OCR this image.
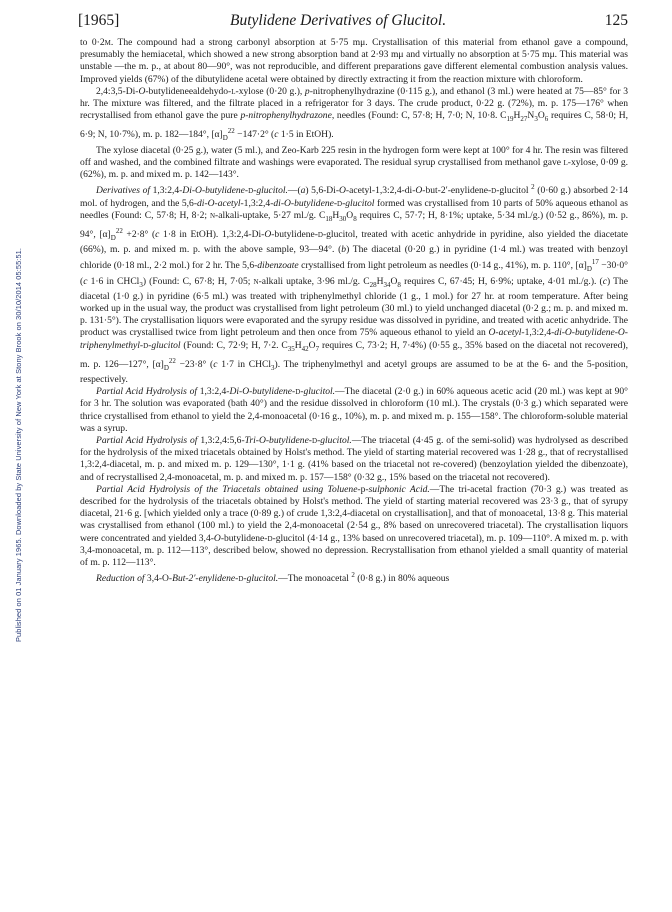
Published on 01 January 1965. Downloaded by State University of New York at Stony Brook on 30/10/2014 05:55:51.
[1965]	Butylidene Derivatives of Glucitol.	125

to 0·2m. The compound had a strong carbonyl absorption at 5·75 mμ. Crystallisation of this material from ethanol gave a compound, presumably the hemiacetal, which showed a new strong absorption band at 2·93 mμ and virtually no absorption at 5·75 mμ. This material was unstable —the m. p., at about 80—90°, was not reproducible, and different preparations gave different elemental combustion analysis values. Improved yields (67%) of the dibutylidene acetal were obtained by directly extracting it from the reaction mixture with chloroform.

2,4:3,5-Di-O-butylideneealdehydo-l-xylose (0·20 g.), p-nitrophenylhydrazine (0·115 g.), and ethanol (3 ml.) were heated at 75—85° for 3 hr. The mixture was filtered, and the filtrate placed in a refrigerator for 3 days. The crude product, 0·22 g. (72%), m. p. 175—176° when recrystallised from ethanol gave the pure p-nitrophenylhydrazone, needles (Found: C, 57·8; H, 7·0; N, 10·8. $C_{19}H_{27}N_3O_6$ requires C, 58·0; H, 6·9; N, 10·7%), m. p. 182—184°, $[\alpha]_D^{22} -147\cdot 2^\circ$ (c 1·5 in EtOH).

The xylose diacetal (0·25 g.), water (5 ml.), and Zeo-Karb 225 resin in the hydrogen form were kept at 100° for 4 hr. The resin was filtered off and washed, and the combined filtrate and washings were evaporated. The residual syrup crystallised from methanol gave l-xylose, 0·09 g. (62%), m. p. and mixed m. p. 142—143°.

Derivatives of 1,3:2,4-Di-O-butylidene-d-glucitol.—(a) 5,6-Di-O-acetyl-1,3:2,4-di-O-but-2′-enylidene-d-glucitol $^2$ (0·60 g.) absorbed 2·14 mol. of hydrogen, and the 5,6-di-O-acetyl-1,3:2,4-di-O-butylidene-d-glucitol formed was crystallised from 10 parts of 50% aqueous ethanol as needles (Found: C, 57·8; H, 8·2; n-alkali-uptake, 5·27 ml./g. $C_{18}H_{30}O_8$ requires C, 57·7; H, 8·1%; uptake, 5·34 ml./g.) (0·52 g., 86%), m. p. 94°, $[\alpha]_D^{22} +2\cdot 8^\circ$ (c 1·8 in EtOH). 1,3:2,4-Di-O-butylidene-d-glucitol, treated with acetic anhydride in pyridine, also yielded the diacetate (66%), m. p. and mixed m. p. with the above sample, 93—94°. (b) The diacetal (0·20 g.) in pyridine (1·4 ml.) was treated with benzoyl chloride (0·18 ml., 2·2 mol.) for 2 hr. The 5,6-dibenzoate crystallised from light petroleum as needles (0·14 g., 41%), m. p. 110°, $[\alpha]_D^{17} -30\cdot 0^\circ$ (c 1·6 in CHCl$_3$) (Found: C, 67·8; H, 7·05; n-alkali uptake, 3·96 ml./g. $C_{28}H_{34}O_8$ requires C, 67·45; H, 6·9%; uptake, 4·01 ml./g.). (c) The diacetal (1·0 g.) in pyridine (6·5 ml.) was treated with triphenylmethyl chloride (1 g., 1 mol.) for 27 hr. at room temperature. After being worked up in the usual way, the product was crystallised from light petroleum (30 ml.) to yield unchanged diacetal (0·2 g.; m. p. and mixed m. p. 131·5°). The crystallisation liquors were evaporated and the syrupy residue was dissolved in pyridine, and treated with acetic anhydride. The product was crystallised twice from light petroleum and then once from 75% aqueous ethanol to yield an O-acetyl-1,3:2,4-di-O-butylidene-O-triphenylmethyl-d-glucitol (Found: C, 72·9; H, 7·2. $C_{35}H_{42}O_7$ requires C, 73·2; H, 7·4%) (0·55 g., 35% based on the diacetal not recovered), m. p. 126—127°, $[\alpha]_D^{22} -23\cdot 8^\circ$ (c 1·7 in CHCl$_3$). The triphenylmethyl and acetyl groups are assumed to be at the 6- and the 5-position, respectively.

Partial Acid Hydrolysis of 1,3:2,4-Di-O-butylidene-d-glucitol.—The diacetal (2·0 g.) in 60% aqueous acetic acid (20 ml.) was kept at 90° for 3 hr. The solution was evaporated (bath 40°) and the residue dissolved in chloroform (10 ml.). The crystals (0·3 g.) which separated were thrice crystallised from ethanol to yield the 2,4-monoacetal (0·16 g., 10%), m. p. and mixed m. p. 155—158°. The chloroform-soluble material was a syrup.

Partial Acid Hydrolysis of 1,3:2,4:5,6-Tri-O-butylidene-d-glucitol.—The triacetal (4·45 g. of the semi-solid) was hydrolysed as described for the hydrolysis of the mixed triacetals obtained by Holst's method. The yield of starting material recovered was 1·28 g., that of recrystallised 1,3:2,4-diacetal, m. p. and mixed m. p. 129—130°, 1·1 g. (41% based on the triacetal not re-covered) (benzoylation yielded the dibenzoate), and of recrystallised 2,4-monoacetal, m. p. and mixed m. p. 157—158° (0·32 g., 15% based on the triacetal not recovered).

Partial Acid Hydrolysis of the Triacetals obtained using Toluene-p-sulphonic Acid.—The tri-acetal fraction (70·3 g.) was treated as described for the hydrolysis of the triacetals obtained by Holst's method. The yield of starting material recovered was 23·3 g., that of syrupy diacetal, 21·6 g. [which yielded only a trace (0·89 g.) of crude 1,3:2,4-diacetal on crystallisation], and that of monoacetal, 13·8 g. This material was crystallised from ethanol (100 ml.) to yield the 2,4-monoacetal (2·54 g., 8% based on unrecovered triacetal). The crystallisation liquors were concentrated and yielded 3,4-O-butylidene-d-glucitol (4·14 g., 13% based on unrecovered triacetal), m. p. 109—110°. A mixed m. p. with 3,4-monoacetal, m. p. 112—113°, described below, showed no depression. Recrystallisation from ethanol yielded a small quantity of material of m. p. 112—113°.

Reduction of 3,4-O-But-2′-enylidene-d-glucitol.—The monoacetal $^2$ (0·8 g.) in 80% aqueous
